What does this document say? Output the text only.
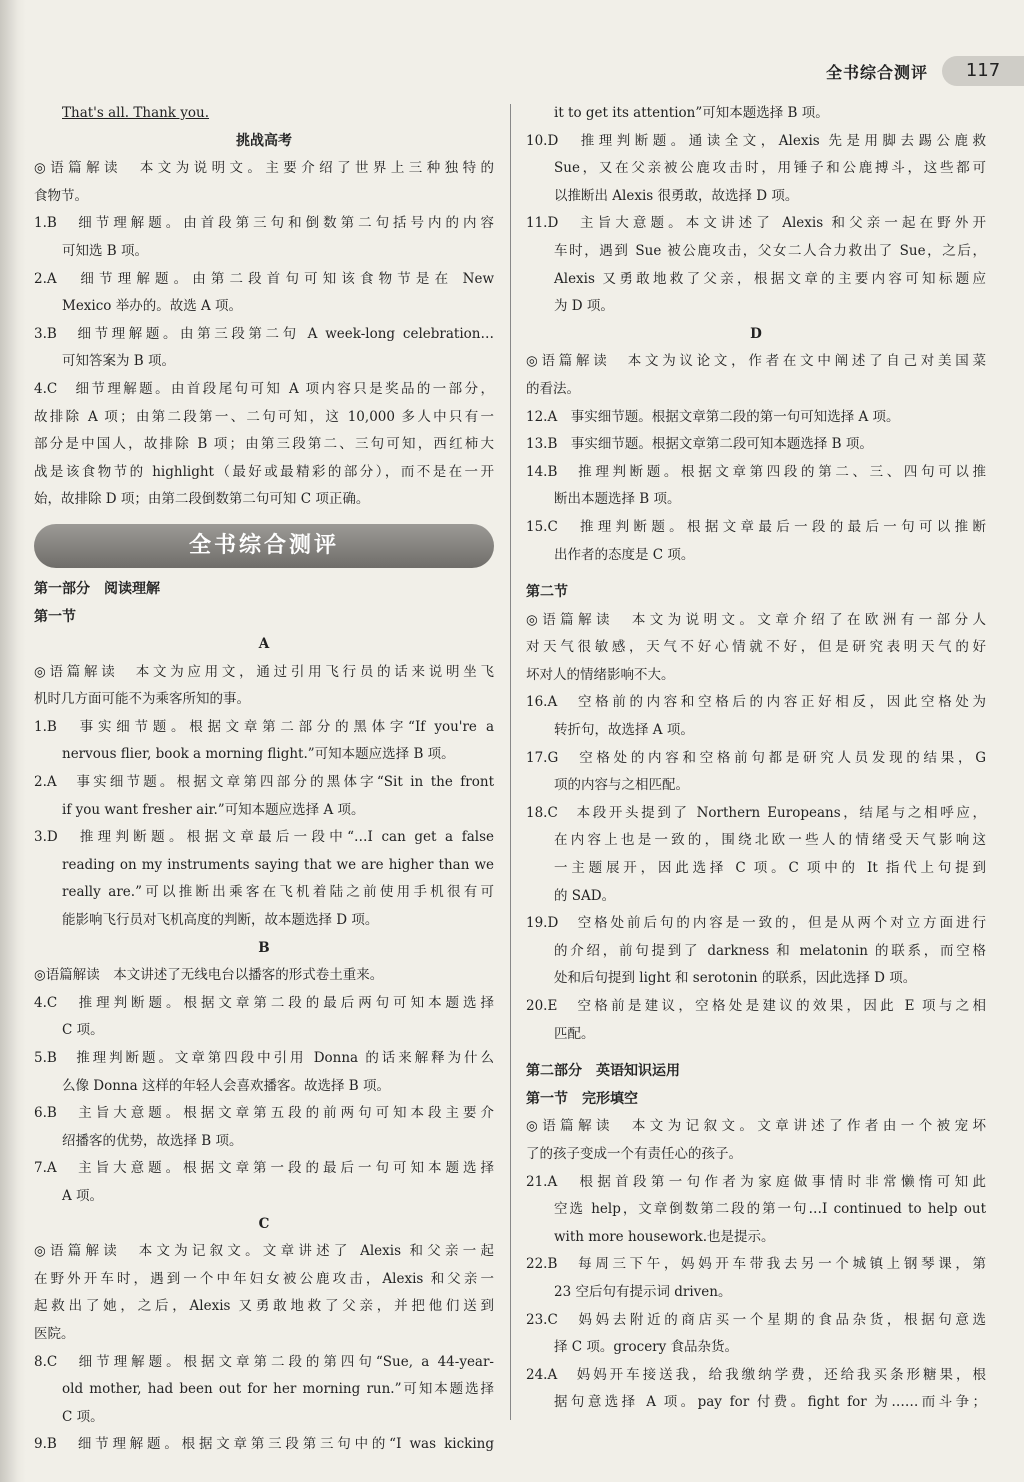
全书综合测评	117
That's all. Thank you.
挑战高考
◎语篇解读　本文为说明文。主要介绍了世界上三种独特的
食物节。
1.B　细节理解题。由首段第三句和倒数第二句括号内的内容
可知选 B 项。
2.A　细节理解题。由第二段首句可知该食物节是在 New
Mexico 举办的。故选 A 项。
3.B　细节理解题。由第三段第二句 A week-long celebration…
可知答案为 B 项。
4.C　细节理解题。由首段尾句可知 A 项内容只是奖品的一部分，
故排除 A 项；由第二段第一、二句可知，这 10,000 多人中只有一
部分是中国人，故排除 B 项；由第三段第二、三句可知，西红柿大
战是该食物节的 highlight（最好或最精彩的部分），而不是在一开
始，故排除 D 项；由第二段倒数第二句可知 C 项正确。
全书综合测评
第一部分　阅读理解
第一节
A
◎语篇解读　本文为应用文，通过引用飞行员的话来说明坐飞
机时几方面可能不为乘客所知的事。
1.B　事实细节题。根据文章第二部分的黑体字“If you're a
nervous flier, book a morning flight.”可知本题应选择 B 项。
2.A　事实细节题。根据文章第四部分的黑体字“Sit in the front
if you want fresher air.”可知本题应选择 A 项。
3.D　推理判断题。根据文章最后一段中“…I can get a false
reading on my instruments saying that we are higher than we
really are.”可以推断出乘客在飞机着陆之前使用手机很有可
能影响飞行员对飞机高度的判断，故本题选择 D 项。
B
◎语篇解读　本文讲述了无线电台以播客的形式卷土重来。
4.C　推理判断题。根据文章第二段的最后两句可知本题选择
C 项。
5.B　推理判断题。文章第四段中引用 Donna 的话来解释为什么
么像 Donna 这样的年轻人会喜欢播客。故选择 B 项。
6.B　主旨大意题。根据文章第五段的前两句可知本段主要介
绍播客的优势，故选择 B 项。
7.A　主旨大意题。根据文章第一段的最后一句可知本题选择
A 项。
C
◎语篇解读　本文为记叙文。文章讲述了 Alexis 和父亲一起
在野外开车时，遇到一个中年妇女被公鹿攻击，Alexis 和父亲一
起救出了她，之后，Alexis 又勇敢地救了父亲，并把他们送到
医院。
8.C　细节理解题。根据文章第二段的第四句“Sue, a 44-year-
old mother, had been out for her morning run.”可知本题选择
C 项。
9.B　细节理解题。根据文章第三段第三句中的“I was kicking
it to get its attention”可知本题选择 B 项。
10.D　推理判断题。通读全文，Alexis 先是用脚去踢公鹿救
Sue，又在父亲被公鹿攻击时，用锤子和公鹿搏斗，这些都可
以推断出 Alexis 很勇敢，故选择 D 项。
11.D　主旨大意题。本文讲述了 Alexis 和父亲一起在野外开
车时，遇到 Sue 被公鹿攻击，父女二人合力救出了 Sue，之后，
Alexis 又勇敢地救了父亲，根据文章的主要内容可知标题应
为 D 项。
D
◎语篇解读　本文为议论文，作者在文中阐述了自己对美国菜
的看法。
12.A　事实细节题。根据文章第二段的第一句可知选择 A 项。
13.B　事实细节题。根据文章第二段可知本题选择 B 项。
14.B　推理判断题。根据文章第四段的第二、三、四句可以推
断出本题选择 B 项。
15.C　推理判断题。根据文章最后一段的最后一句可以推断
出作者的态度是 C 项。
第二节
◎语篇解读　本文为说明文。文章介绍了在欧洲有一部分人
对天气很敏感，天气不好心情就不好，但是研究表明天气的好
坏对人的情绪影响不大。
16.A　空格前的内容和空格后的内容正好相反，因此空格处为
转折句，故选择 A 项。
17.G　空格处的内容和空格前句都是研究人员发现的结果，G
项的内容与之相匹配。
18.C　本段开头提到了 Northern Europeans，结尾与之相呼应，
在内容上也是一致的，围绕北欧一些人的情绪受天气影响这
一主题展开，因此选择 C 项。C 项中的 It 指代上句提到
的 SAD。
19.D　空格处前后句的内容是一致的，但是从两个对立方面进行
的介绍，前句提到了 darkness 和 melatonin 的联系，而空格
处和后句提到 light 和 serotonin 的联系，因此选择 D 项。
20.E　空格前是建议，空格处是建议的效果，因此 E 项与之相
匹配。
第二部分　英语知识运用
第一节　完形填空
◎语篇解读　本文为记叙文。文章讲述了作者由一个被宠坏
了的孩子变成一个有责任心的孩子。
21.A　根据首段第一句作者为家庭做事情时非常懒惰可知此
空选 help，文章倒数第二段的第一句…I continued to help out
with more housework.也是提示。
22.B　每周三下午，妈妈开车带我去另一个城镇上钢琴课，第
23 空后句有提示词 driven。
23.C　妈妈去附近的商店买一个星期的食品杂货，根据句意选
择 C 项。grocery 食品杂货。
24.A　妈妈开车接送我，给我缴纳学费，还给我买条形糖果，根
据句意选择 A 项。pay for 付费。fight for 为……而斗争；
